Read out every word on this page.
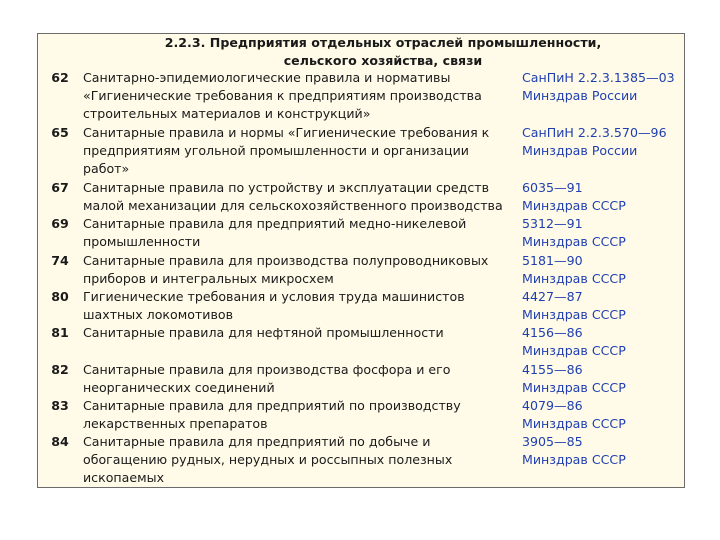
2.2.3. Предприятия отдельных отраслей промышленности,
сельского хозяйства, связи
62	Санитарно-эпидемиологические правила и нормативы
«Гигиенические требования к предприятиям производства
строительных материалов и конструкций»
СанПиН 2.2.3.1385—03
Минздрав России
65	Санитарные правила и нормы «Гигиенические требования к
предприятиям угольной промышленности и организации
работ»
СанПиН 2.2.3.570—96
Минздрав России
67	Санитарные правила по устройству и эксплуатации средств
малой механизации для сельскохозяйственного производства
6035—91
Минздрав СССР
69	Санитарные правила для предприятий медно-никелевой
промышленности
5312—91
Минздрав СССР
74	Санитарные правила для производства полупроводниковых
приборов и интегральных микросхем
5181—90
Минздрав СССР
80	Гигиенические требования и условия труда машинистов
шахтных локомотивов
4427—87
Минздрав СССР
81	Санитарные правила для нефтяной промышленности	4156—86
Минздрав СССР
82	Санитарные правила для производства фосфора и его
неорганических соединений
4155—86
Минздрав СССР
83	Санитарные правила для предприятий по производству
лекарственных препаратов
4079—86
Минздрав СССР
84	Санитарные правила для предприятий по добыче и
обогащению рудных, нерудных и россыпных полезных
ископаемых
3905—85
Минздрав СССР
